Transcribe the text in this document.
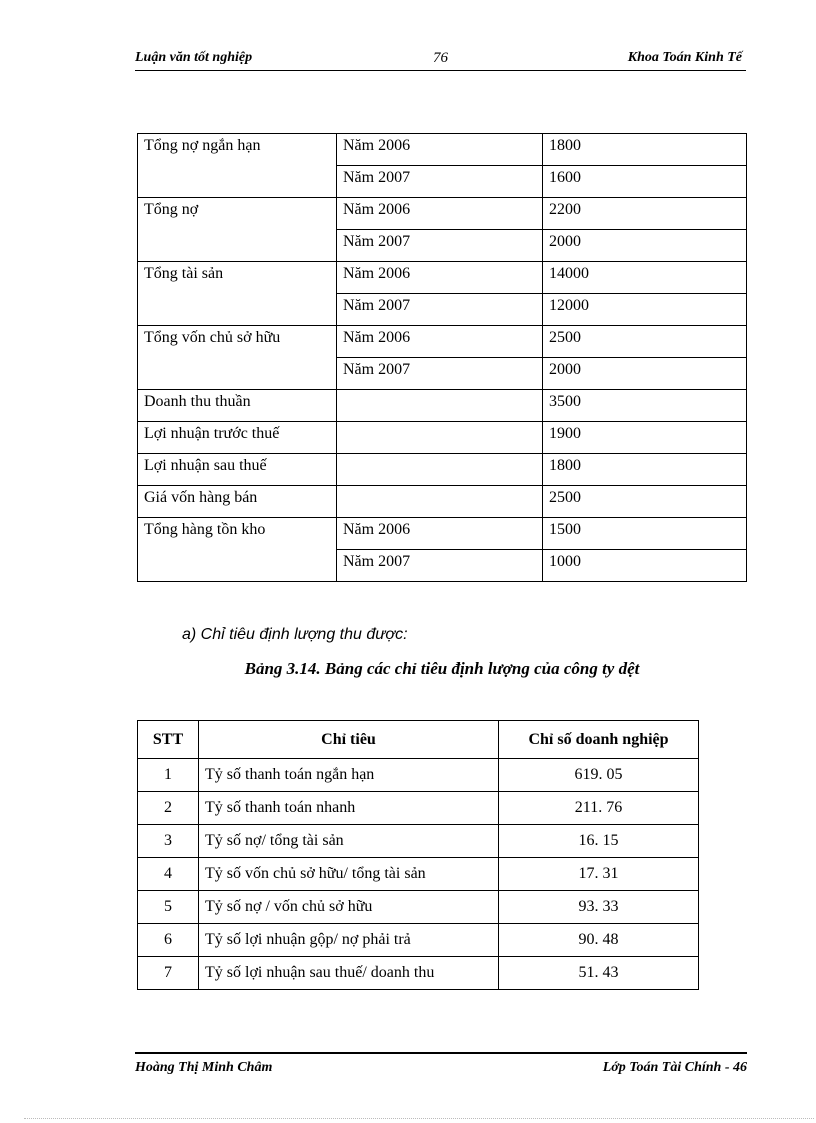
Luận văn tốt nghiệp	76	Khoa Toán Kinh Tế
Tổng nợ ngắn hạn	Năm 2006	1800
	Năm 2007	1600
Tổng nợ	Năm 2006	2200
	Năm 2007	2000
Tổng tài sản	Năm 2006	14000
	Năm 2007	12000
Tổng vốn chủ sở hữu	Năm 2006	2500
	Năm 2007	2000
Doanh thu thuần		3500
Lợi nhuận trước thuế		1900
Lợi nhuận sau thuế		1800
Giá vốn hàng bán		2500
Tổng hàng tồn kho	Năm 2006	1500
	Năm 2007	1000
a) Chỉ tiêu định lượng thu được:
Bảng 3.14. Bảng các chỉ tiêu định lượng của công ty dệt
STT	Chỉ tiêu	Chỉ số doanh nghiệp
1	Tỷ số thanh toán ngắn hạn	619. 05
2	Tỷ số thanh toán nhanh	211. 76
3	Tỷ số nợ/ tổng tài sản	16. 15
4	Tỷ số vốn chủ sở hữu/ tổng tài sản	17. 31
5	Tỷ số nợ / vốn chủ sở hữu	93. 33
6	Tỷ số lợi nhuận gộp/ nợ phải trả	90. 48
7	Tỷ số lợi nhuận sau thuế/ doanh thu	51. 43
Hoàng Thị Minh Châm	Lớp Toán Tài Chính - 46
